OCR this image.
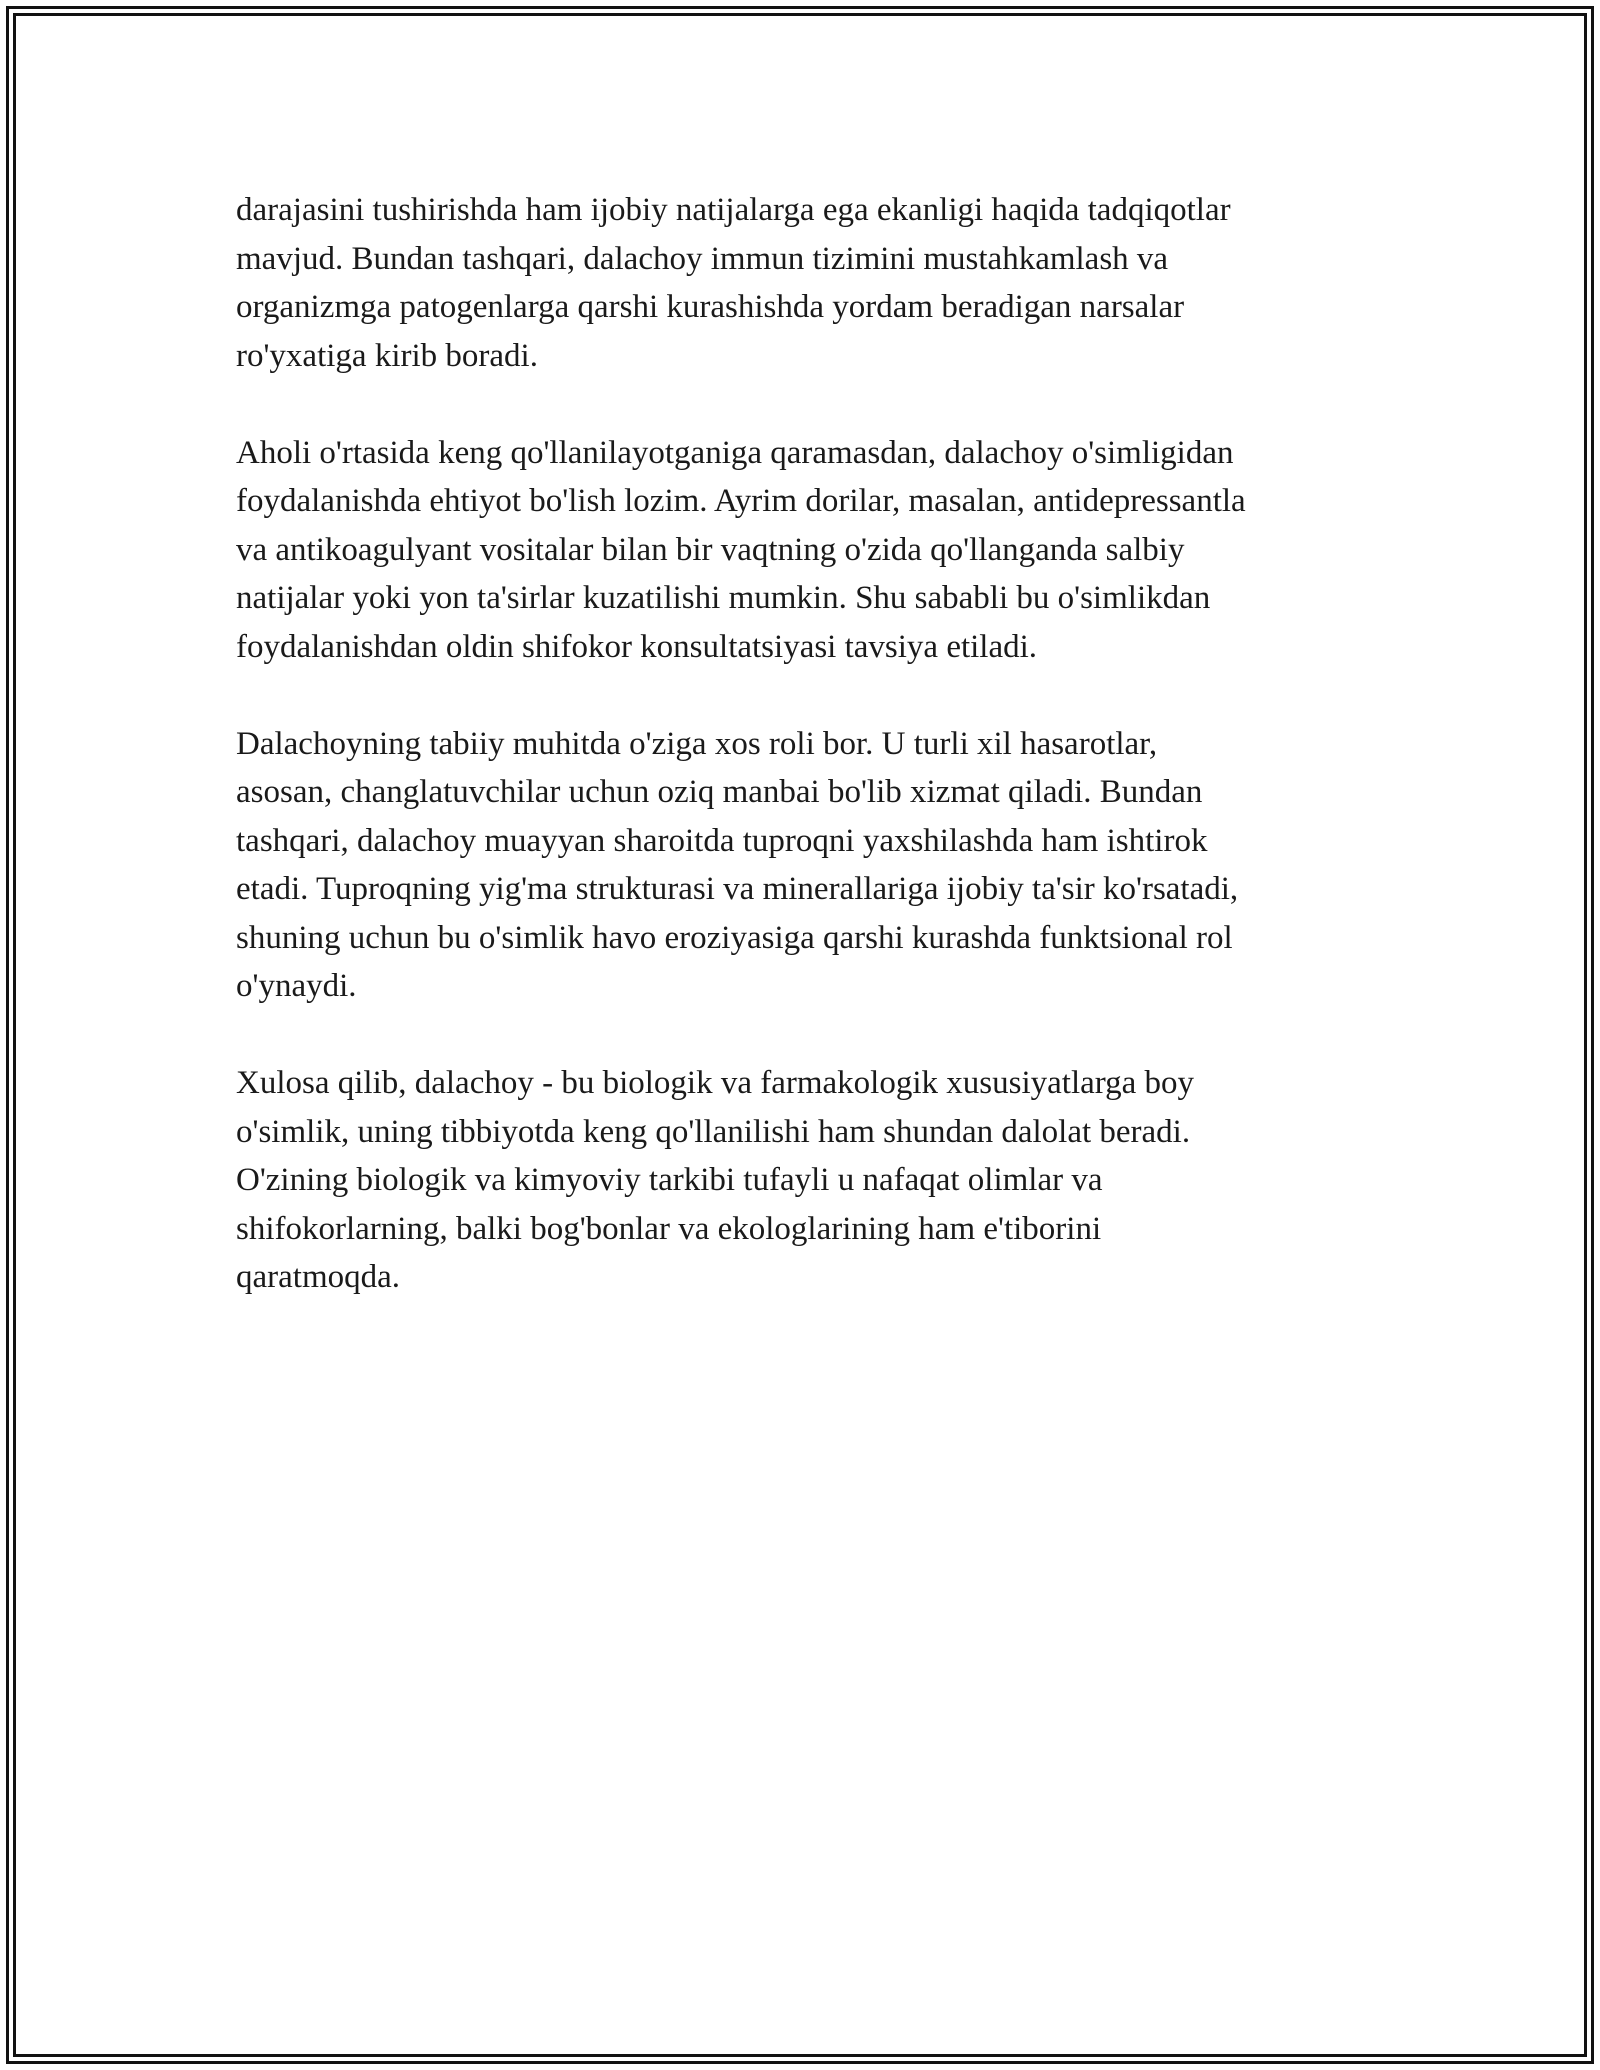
darajasini tushirishda ham ijobiy natijalarga ega ekanligi haqida tadqiqotlar
mavjud. Bundan tashqari, dalachoy immun tizimini mustahkamlash va
organizmga patogenlarga qarshi kurashishda yordam beradigan narsalar
ro'yxatiga kirib boradi.
Aholi o'rtasida keng qo'llanilayotganiga qaramasdan, dalachoy o'simligidan
foydalanishda ehtiyot bo'lish lozim. Ayrim dorilar, masalan, antidepressantla
va antikoagulyant vositalar bilan bir vaqtning o'zida qo'llanganda salbiy
natijalar yoki yon ta'sirlar kuzatilishi mumkin. Shu sababli bu o'simlikdan
foydalanishdan oldin shifokor konsultatsiyasi tavsiya etiladi.
Dalachoyning tabiiy muhitda o'ziga xos roli bor. U turli xil hasarotlar,
asosan, changlatuvchilar uchun oziq manbai bo'lib xizmat qiladi. Bundan
tashqari, dalachoy muayyan sharoitda tuproqni yaxshilashda ham ishtirok
etadi. Tuproqning yig'ma strukturasi va minerallariga ijobiy ta'sir ko'rsatadi,
shuning uchun bu o'simlik havo eroziyasiga qarshi kurashda funktsional rol
o'ynaydi.
Xulosa qilib, dalachoy - bu biologik va farmakologik xususiyatlarga boy
o'simlik, uning tibbiyotda keng qo'llanilishi ham shundan dalolat beradi.
O'zining biologik va kimyoviy tarkibi tufayli u nafaqat olimlar va
shifokorlarning, balki bog'bonlar va ekologlarining ham e'tiborini
qaratmoqda.
